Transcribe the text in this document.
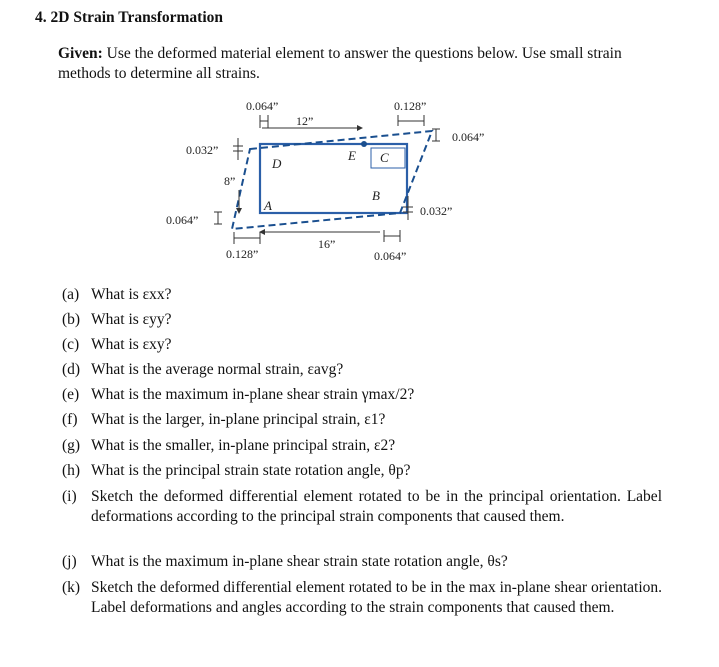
4. 2D Strain Transformation
Given: Use the deformed material element to answer the questions below. Use small strain methods to determine all strains.
0.064”
12”
0.128”
0.064”
0.032”
8”
0.064”
0.032”
16”
0.128”	0.064”
A
B
C
D
E
(a) What is εxx?
(b) What is εyy?
(c) What is εxy?
(d) What is the average normal strain, εavg?
(e) What is the maximum in-plane shear strain γmax/2?
(f) What is the larger, in-plane principal strain, ε1?
(g) What is the smaller, in-plane principal strain, ε2?
(h) What is the principal strain state rotation angle, θp?
(i) Sketch the deformed differential element rotated to be in the principal orientation. Label deformations according to the principal strain components that caused them.
(j) What is the maximum in-plane shear strain state rotation angle, θs?
(k) Sketch the deformed differential element rotated to be in the max in-plane shear orientation. Label deformations and angles according to the strain components that caused them.
